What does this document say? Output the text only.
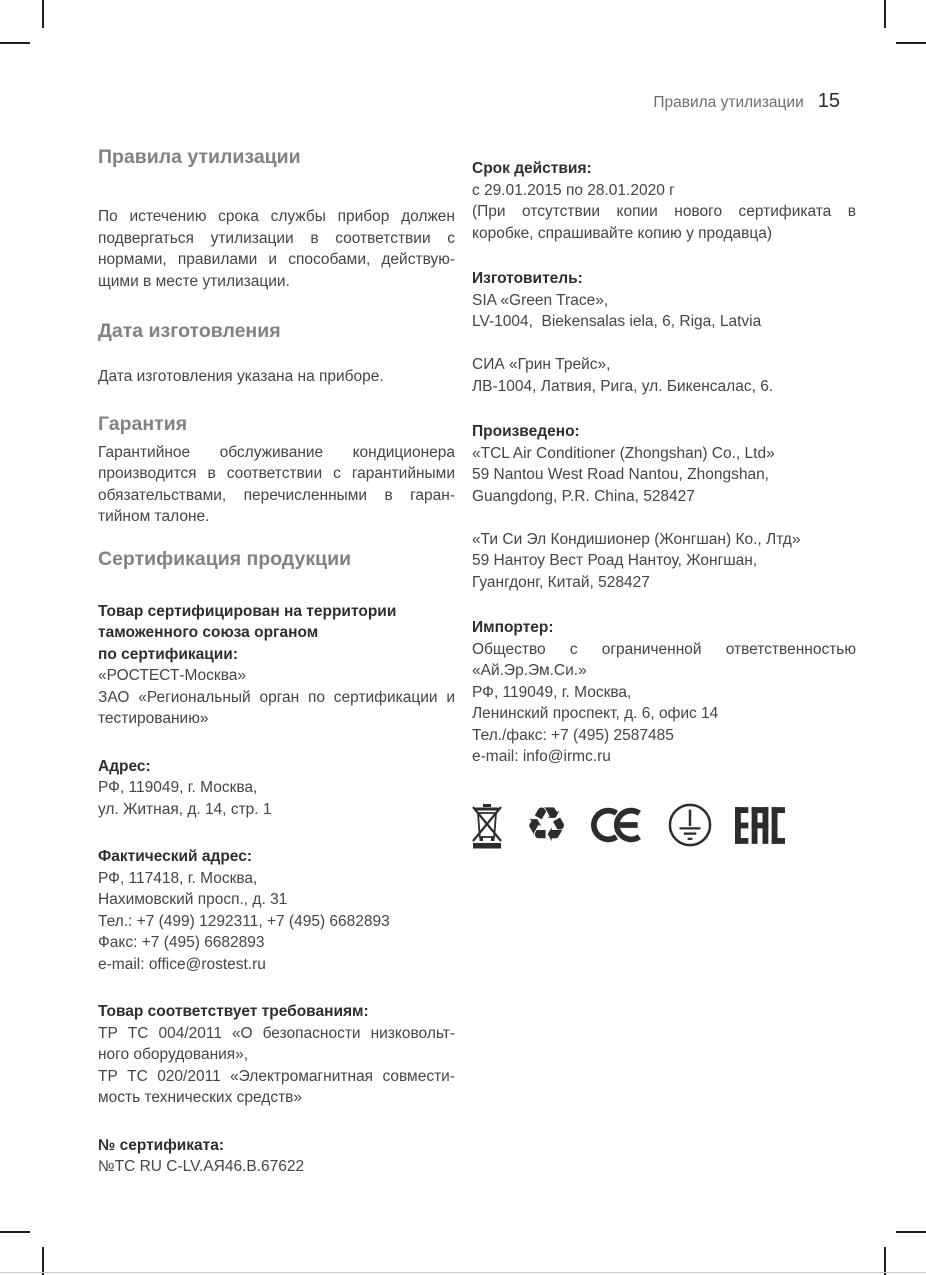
Правила утилизации 15
Правила утилизации
По истечению срока службы прибор должен
подвергаться утилизации в соответствии с
нормами, правилами и способами, действую-
щими в месте утилизации.
Дата изготовления
Дата изготовления указана на приборе.
Гарантия
Гарантийное обслуживание кондиционера
производится в соответствии с гарантийными
обязательствами, перечисленными в гаран-
тийном талоне.
Сертификация продукции
Товар сертифицирован на территории
таможенного союза органом
по сертификации:
«РОСТЕСТ-Москва»
ЗАО «Региональный орган по сертификации и
тестированию»
Адрес:
РФ, 119049, г. Москва,
ул. Житная, д. 14, стр. 1
Фактический адрес:
РФ, 117418, г. Москва,
Нахимовский просп., д. 31
Тел.: +7 (499) 1292311, +7 (495) 6682893
Факс: +7 (495) 6682893
e-mail: office@rostest.ru
Товар соответствует требованиям:
ТР ТС 004/2011 «О безопасности низковольт-
ного оборудования»,
ТР ТС 020/2011 «Электромагнитная совмести-
мость технических средств»
№ сертификата:
№ТС RU C-LV.АЯ46.В.67622
Срок действия:
с 29.01.2015 по 28.01.2020 г
(При отсутствии копии нового сертификата в
коробке, спрашивайте копию у продавца)
Изготовитель:
SIA «Green Trace»,
LV-1004,  Biekensalas iela, 6, Riga, Latvia
СИА «Грин Трейс»,
ЛВ-1004, Латвия, Рига, ул. Бикенсалас, 6.
Произведено:
«TCL Air Conditioner (Zhongshan) Co., Ltd»
59 Nantou West Road Nantou, Zhongshan,
Guangdong, P.R. China, 528427
«Ти Си Эл Кондишионер (Жонгшан) Ко., Лтд»
59 Нантоу Вест Роад Нантоу, Жонгшан,
Гуангдонг, Китай, 528427
Импортер:
Общество с ограниченной ответственностью
«Ай.Эр.Эм.Си.»
РФ, 119049, г. Москва,
Ленинский проспект, д. 6, офис 14
Тел./факс: +7 (495) 2587485
e-mail: info@irmc.ru
♻
